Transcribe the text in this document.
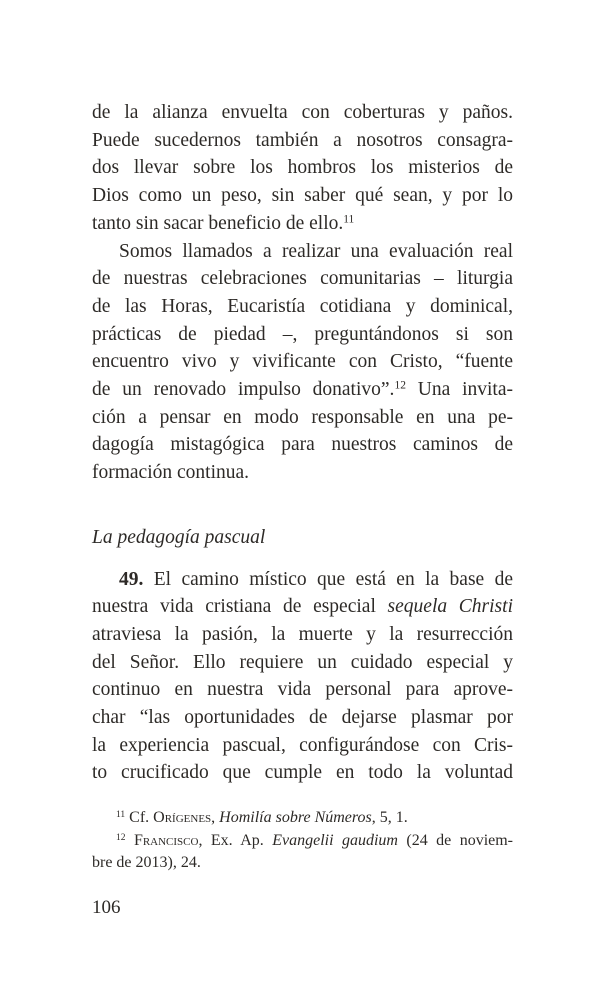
de la alianza envuelta con coberturas y paños.
Puede sucedernos también a nosotros consagra-
dos llevar sobre los hombros los misterios de
Dios como un peso, sin saber qué sean, y por lo
tanto sin sacar beneficio de ello.$^{11}$
Somos llamados a realizar una evaluación real
de nuestras celebraciones comunitarias – liturgia
de las Horas, Eucaristía cotidiana y dominical,
prácticas de piedad –, preguntándonos si son
encuentro vivo y vivificante con Cristo, “fuente
de un renovado impulso donativo”.$^{12}$ Una invita-
ción a pensar en modo responsable en una pe-
dagogía mistagógica para nuestros caminos de
formación continua.
La pedagogía pascual
49. El camino místico que está en la base de
nuestra vida cristiana de especial sequela Christi
atraviesa la pasión, la muerte y la resurrección
del Señor. Ello requiere un cuidado especial y
continuo en nuestra vida personal para aprove-
char “las oportunidades de dejarse plasmar por
la experiencia pascual, configurándose con Cris-
to crucificado que cumple en todo la voluntad
$^{11}$ Cf. Orígenes, Homilía sobre Números, 5, 1.
$^{12}$ Francisco, Ex. Ap. Evangelii gaudium (24 de noviem-
bre de 2013), 24.
106
